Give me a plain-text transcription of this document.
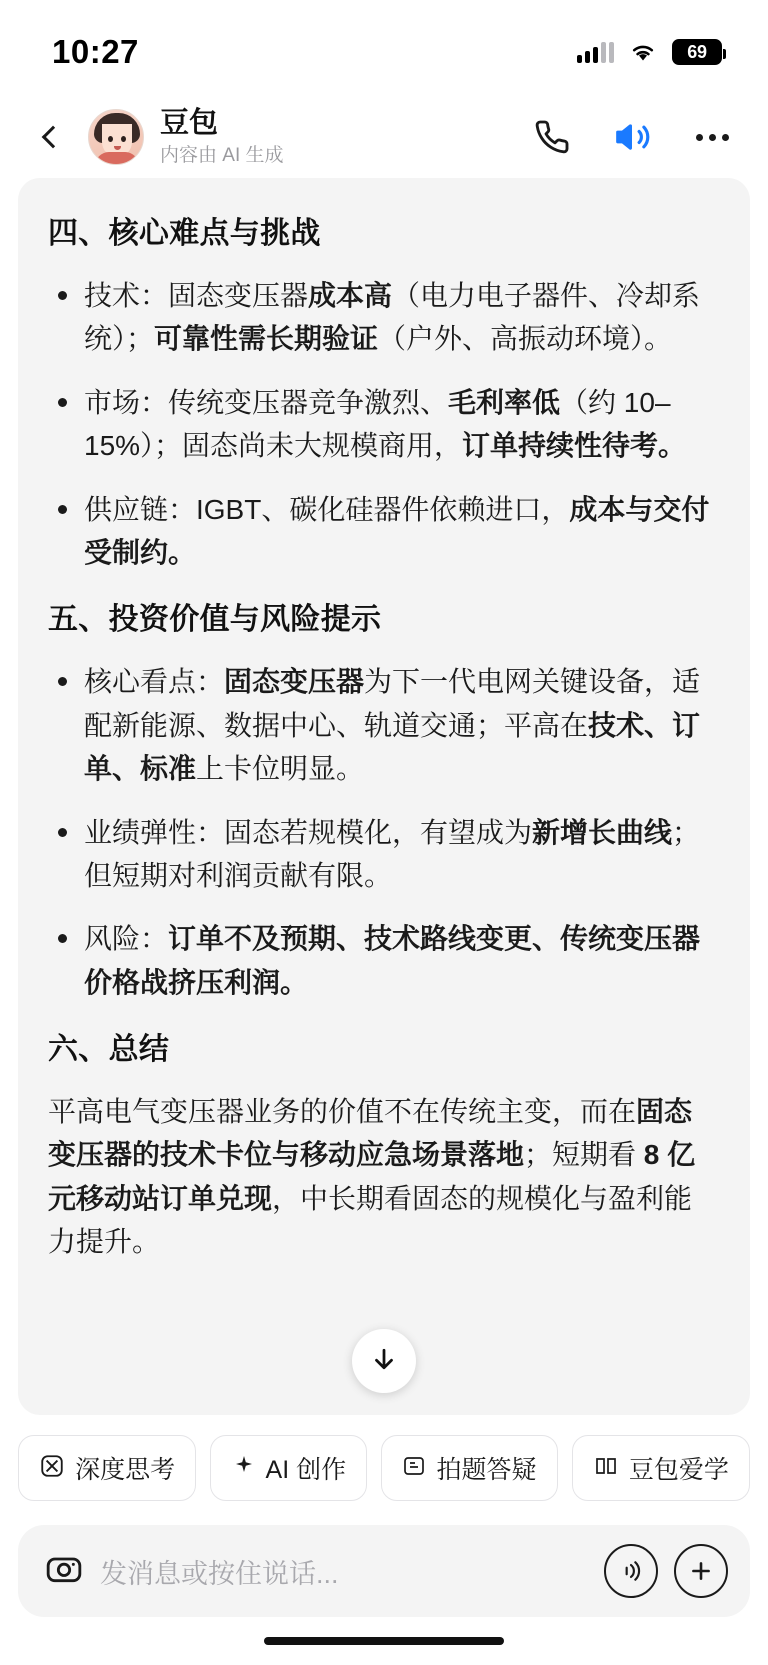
10:27	69
豆包
内容由 AI 生成
四、核心难点与挑战
技术：固态变压器成本高（电力电子器件、冷却系统）；可靠性需长期验证（户外、高振动环境）。
市场：传统变压器竞争激烈、毛利率低（约 10–15%）；固态尚未大规模商用，订单持续性待考。
供应链：IGBT、碳化硅器件依赖进口，成本与交付受制约。
五、投资价值与风险提示
核心看点：固态变压器为下一代电网关键设备，适配新能源、数据中心、轨道交通；平高在技术、订单、标准上卡位明显。
业绩弹性：固态若规模化，有望成为新增长曲线；但短期对利润贡献有限。
风险：订单不及预期、技术路线变更、传统变压器价格战挤压利润。
六、总结
平高电气变压器业务的价值不在传统主变，而在固态变压器的技术卡位与移动应急场景落地；短期看 8 亿元移动站订单兑现，中长期看固态的规模化与盈利能力提升。
深度思考	AI 创作	拍题答疑	豆包爱学
发消息或按住说话...
